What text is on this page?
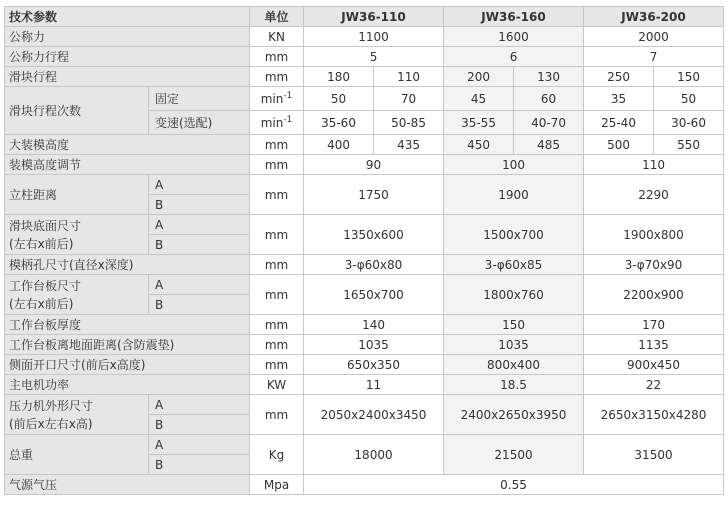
技术参数		单位	JW36-110		JW36-160		JW36-200	
公称力		KN	1100		1600		2000	
公称力行程		mm	5		6		7	
滑块行程		mm	180	110	200	130	250	150
滑块行程次数	固定	$\min^{-1}$	50	70	45	60	35	50
	变速(选配)	$\min^{-1}$	35-60	50-85	35-55	40-70	25-40	30-60
大装模高度		mm	400	435	450	485	500	550
装模高度调节		mm	90		100		110	
立柱距离	A	mm	1750		1900		2290	
	B							
滑块底面尺寸
(左右x前后)	A	mm	1350x600		1500x700		1900x800	
	B							
模柄孔尺寸(直径x深度)		mm	3-φ60x80		3-φ60x85		3-φ70x90	
工作台板尺寸
(左右x前后)	A	mm	1650x700		1800x760		2200x900	
	B							
工作台板厚度		mm	140		150		170	
工作台板离地面距离(含防震垫)		mm	1035		1035		1135	
侧面开口尺寸(前后x高度)		mm	650x350		800x400		900x450	
主电机功率		KW	11		18.5		22	
压力机外形尺寸
(前后x左右x高)	A	mm	2050x2400x3450		2400x2650x3950		2650x3150x4280	
	B							
总重	A	Kg	18000		21500		31500	
	B							
气源气压		Mpa	0.55					
